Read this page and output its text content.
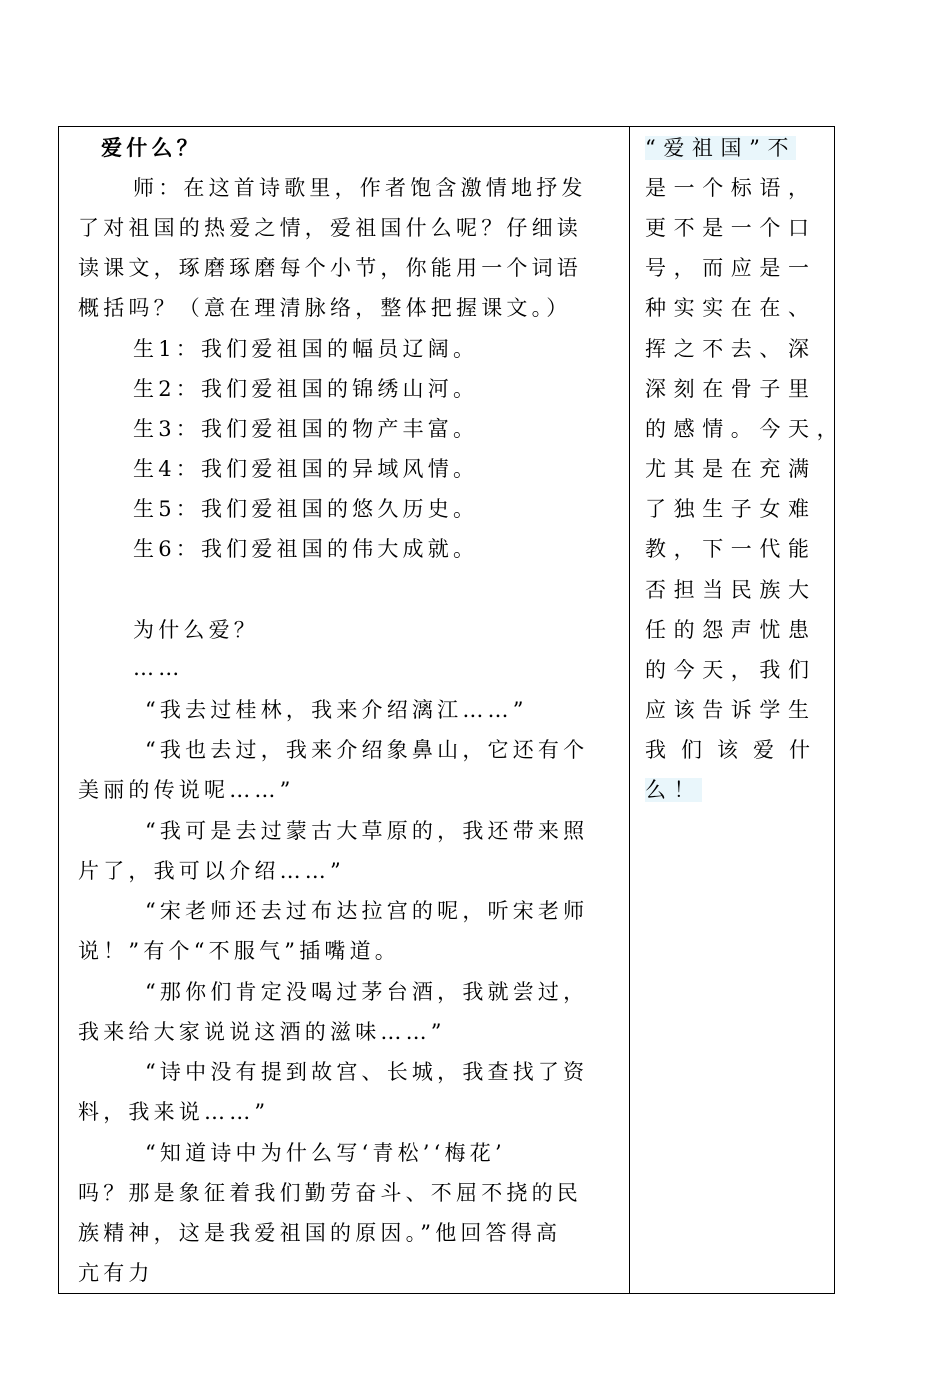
爱什么？
师：在这首诗歌里，作者饱含激情地抒发
了对祖国的热爱之情，爱祖国什么呢？仔细读
读课文，琢磨琢磨每个小节，你能用一个词语
概括吗？（意在理清脉络，整体把握课文。）
生1：我们爱祖国的幅员辽阔。
生2：我们爱祖国的锦绣山河。
生3：我们爱祖国的物产丰富。
生4：我们爱祖国的异域风情。
生5：我们爱祖国的悠久历史。
生6：我们爱祖国的伟大成就。
为什么爱？
……
“我去过桂林，我来介绍漓江……”
“我也去过，我来介绍象鼻山，它还有个
美丽的传说呢……”
“我可是去过蒙古大草原的，我还带来照
片了，我可以介绍……”
“宋老师还去过布达拉宫的呢，听宋老师
说！”有个“不服气”插嘴道。
“那你们肯定没喝过茅台酒，我就尝过，
我来给大家说说这酒的滋味……”
“诗中没有提到故宫、长城，我查找了资
料，我来说……”
“知道诗中为什么写‘青松’‘梅花’
吗？那是象征着我们勤劳奋斗、不屈不挠的民
族精神，这是我爱祖国的原因。”他回答得高
亢有力
“爱祖国”不
是一个标语，
更不是一个口
号，而应是一
种实实在在、
挥之不去、深
深刻在骨子里
的感情。今天，
尤其是在充满
了独生子女难
教，下一代能
否担当民族大
任的怨声忧患
的今天，我们
应该告诉学生
我们该爱什
么！
